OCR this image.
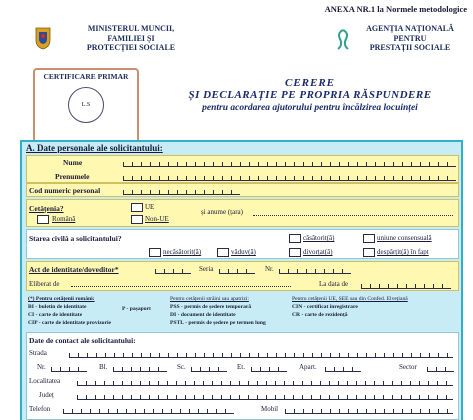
ANEXA NR.1 la Normele metodologice
MINISTERUL MUNCII,
FAMILIEI ȘI
PROTECȚIEI SOCIALE
AGENȚIA NAȚIONALĂ
PENTRU
PRESTAȚII SOCIALE
CERTIFICARE PRIMAR
L.S
CERERE
ȘI DECLARAȚIE PE PROPRIA RĂSPUNDERE
pentru acordarea ajutorului pentru încălzirea locuinței
A. Date personale ale solicitantului:
Nume
Prenumele
Cod numeric personal
Cetățenia?
Română
UE
Non-UE
și anume (țara)
Starea civilă a solicitantului?
necăsătorit(ă)	văduv(ă)
căsătorit(ă)
divorțat(ă)
uniune consensuală
despărțit(ă) în fapt
Act de identitate/doveditor*	Seria	Nr.
Eliberat de	La data de
(*) Pentru cetățenii români:
BI - buletin de identitate
CI - carte de identitate
CIP - carte de identitate provizorie
P - pașaport
Pentru cetățenii străini sau apatrizi:
PSS - permis de ședere temporară
DI - document de identitate
PSTL - permis de ședere pe termen lung
Pentru cetățenii UE, SEE sau din Confed. Elvețiană
CIN - certificat înregistrare
CR - carte de rezidență
Date de contact ale solicitantului:
Strada
Nr.	Bl.	Sc.	Et.	Apart.	Sector
Localitatea
Județ
Telefon	Mobil
